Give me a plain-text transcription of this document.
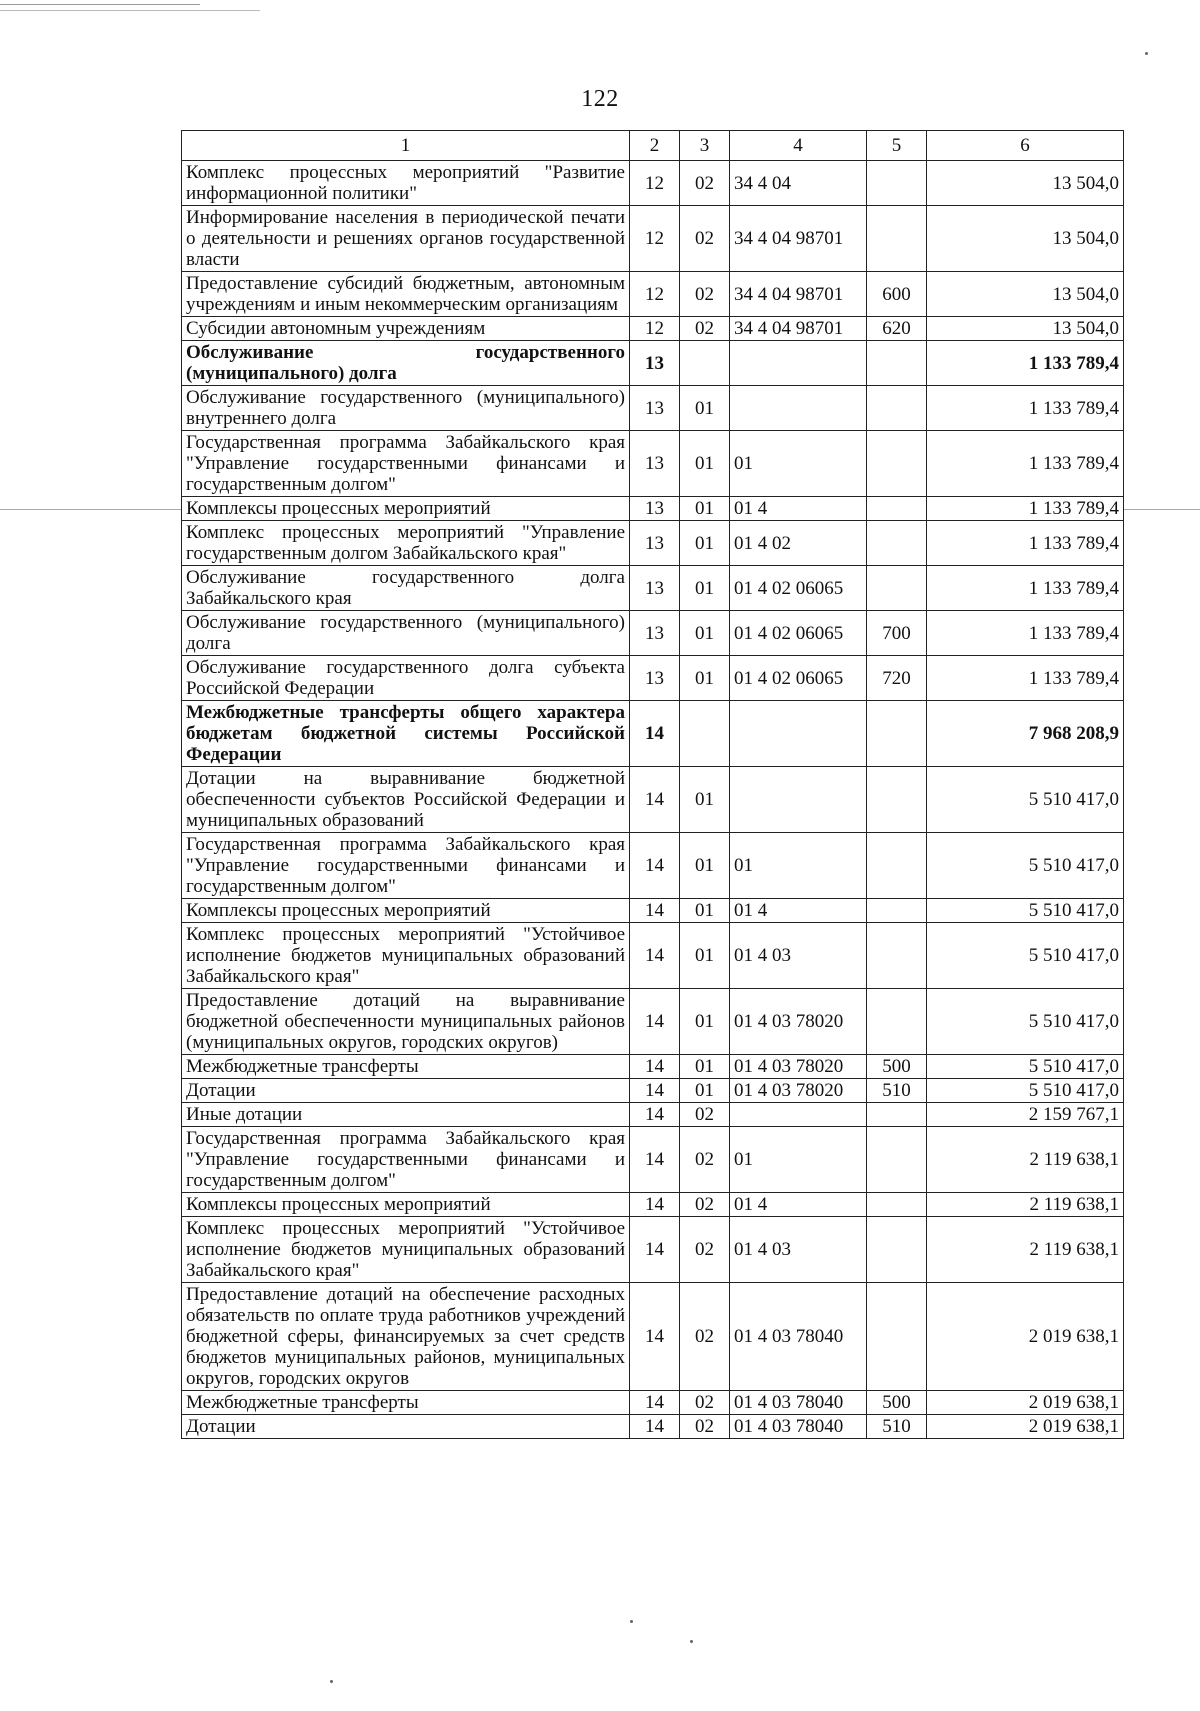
122
1	2	3	4	5	6
Комплекс процессных мероприятий "Развитие информационной политики"	12	02	34 4 04		13 504,0
Информирование населения в периодической печати о деятельности и решениях органов государственной власти	12	02	34 4 04 98701		13 504,0
Предоставление субсидий бюджетным, автономным учреждениям и иным некоммерческим организациям	12	02	34 4 04 98701	600	13 504,0
Субсидии автономным учреждениям	12	02	34 4 04 98701	620	13 504,0
Обслуживание государственного (муниципального) долга	13				1 133 789,4
Обслуживание государственного (муниципального) внутреннего долга	13	01			1 133 789,4
Государственная программа Забайкальского края "Управление государственными финансами и государственным долгом"	13	01	01		1 133 789,4
Комплексы процессных мероприятий	13	01	01 4		1 133 789,4
Комплекс процессных мероприятий "Управление государственным долгом Забайкальского края"	13	01	01 4 02		1 133 789,4
Обслуживание государственного долга Забайкальского края	13	01	01 4 02 06065		1 133 789,4
Обслуживание государственного (муниципального) долга	13	01	01 4 02 06065	700	1 133 789,4
Обслуживание государственного долга субъекта Российской Федерации	13	01	01 4 02 06065	720	1 133 789,4
Межбюджетные трансферты общего характера бюджетам бюджетной системы Российской Федерации	14				7 968 208,9
Дотации на выравнивание бюджетной обеспеченности субъектов Российской Федерации и муниципальных образований	14	01			5 510 417,0
Государственная программа Забайкальского края "Управление государственными финансами и государственным долгом"	14	01	01		5 510 417,0
Комплексы процессных мероприятий	14	01	01 4		5 510 417,0
Комплекс процессных мероприятий "Устойчивое исполнение бюджетов муниципальных образований Забайкальского края"	14	01	01 4 03		5 510 417,0
Предоставление дотаций на выравнивание бюджетной обеспеченности муниципальных районов (муниципальных округов, городских округов)	14	01	01 4 03 78020		5 510 417,0
Межбюджетные трансферты	14	01	01 4 03 78020	500	5 510 417,0
Дотации	14	01	01 4 03 78020	510	5 510 417,0
Иные дотации	14	02			2 159 767,1
Государственная программа Забайкальского края "Управление государственными финансами и государственным долгом"	14	02	01		2 119 638,1
Комплексы процессных мероприятий	14	02	01 4		2 119 638,1
Комплекс процессных мероприятий "Устойчивое исполнение бюджетов муниципальных образований Забайкальского края"	14	02	01 4 03		2 119 638,1
Предоставление дотаций на обеспечение расходных обязательств по оплате труда работников учреждений бюджетной сферы, финансируемых за счет средств бюджетов муниципальных районов, муниципальных округов, городских округов	14	02	01 4 03 78040		2 019 638,1
Межбюджетные трансферты	14	02	01 4 03 78040	500	2 019 638,1
Дотации	14	02	01 4 03 78040	510	2 019 638,1
